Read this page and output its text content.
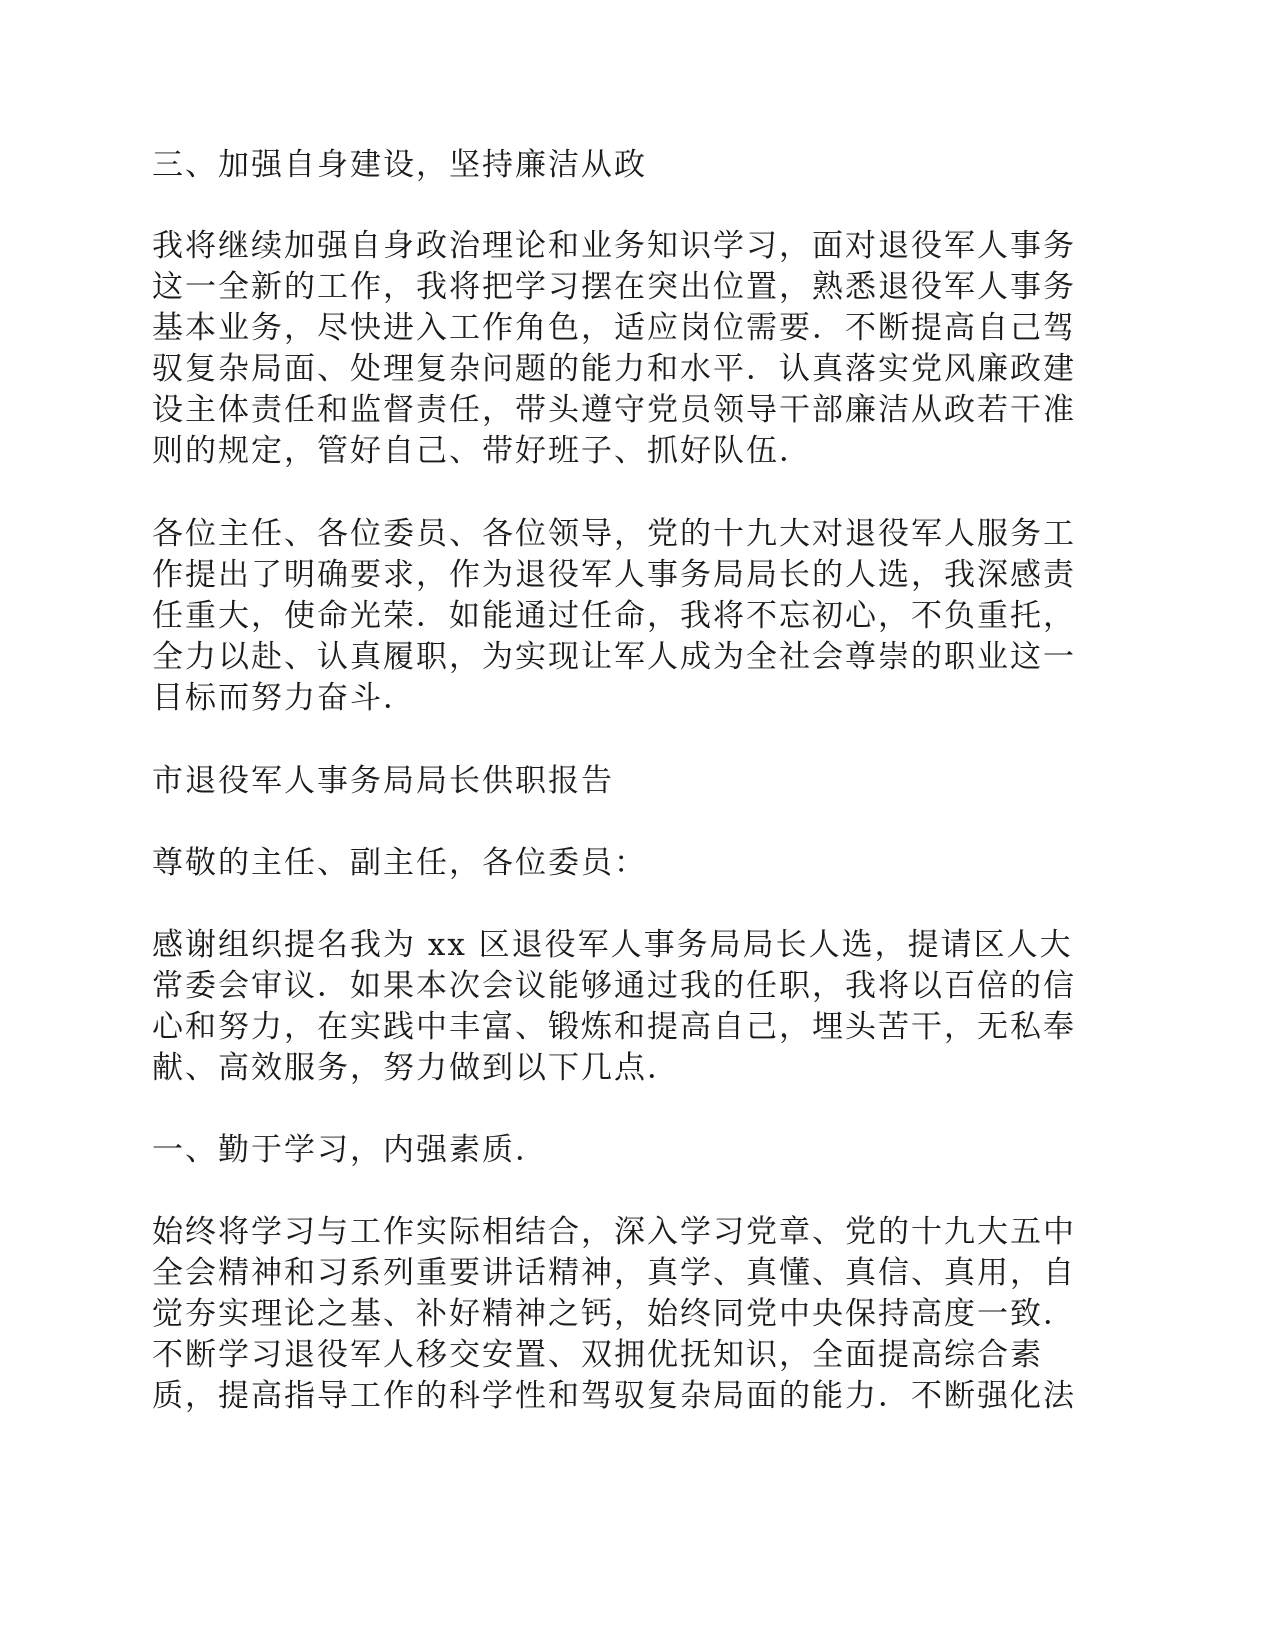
三、加强自身建设，坚持廉洁从政
我将继续加强自身政治理论和业务知识学习，面对退役军人事务
这一全新的工作，我将把学习摆在突出位置，熟悉退役军人事务
基本业务，尽快进入工作角色，适应岗位需要．不断提高自己驾
驭复杂局面、处理复杂问题的能力和水平．认真落实党风廉政建
设主体责任和监督责任，带头遵守党员领导干部廉洁从政若干准
则的规定，管好自己、带好班子、抓好队伍．
各位主任、各位委员、各位领导，党的十九大对退役军人服务工
作提出了明确要求，作为退役军人事务局局长的人选，我深感责
任重大，使命光荣．如能通过任命，我将不忘初心，不负重托，
全力以赴、认真履职，为实现让军人成为全社会尊崇的职业这一
目标而努力奋斗．
市退役军人事务局局长供职报告
尊敬的主任、副主任，各位委员：
感谢组织提名我为 xx 区退役军人事务局局长人选，提请区人大
常委会审议．如果本次会议能够通过我的任职，我将以百倍的信
心和努力，在实践中丰富、锻炼和提高自己，埋头苦干，无私奉
献、高效服务，努力做到以下几点．
一、勤于学习，内强素质．
始终将学习与工作实际相结合，深入学习党章、党的十九大五中
全会精神和习系列重要讲话精神，真学、真懂、真信、真用，自
觉夯实理论之基、补好精神之钙，始终同党中央保持高度一致．
不断学习退役军人移交安置、双拥优抚知识，全面提高综合素
质，提高指导工作的科学性和驾驭复杂局面的能力．不断强化法
